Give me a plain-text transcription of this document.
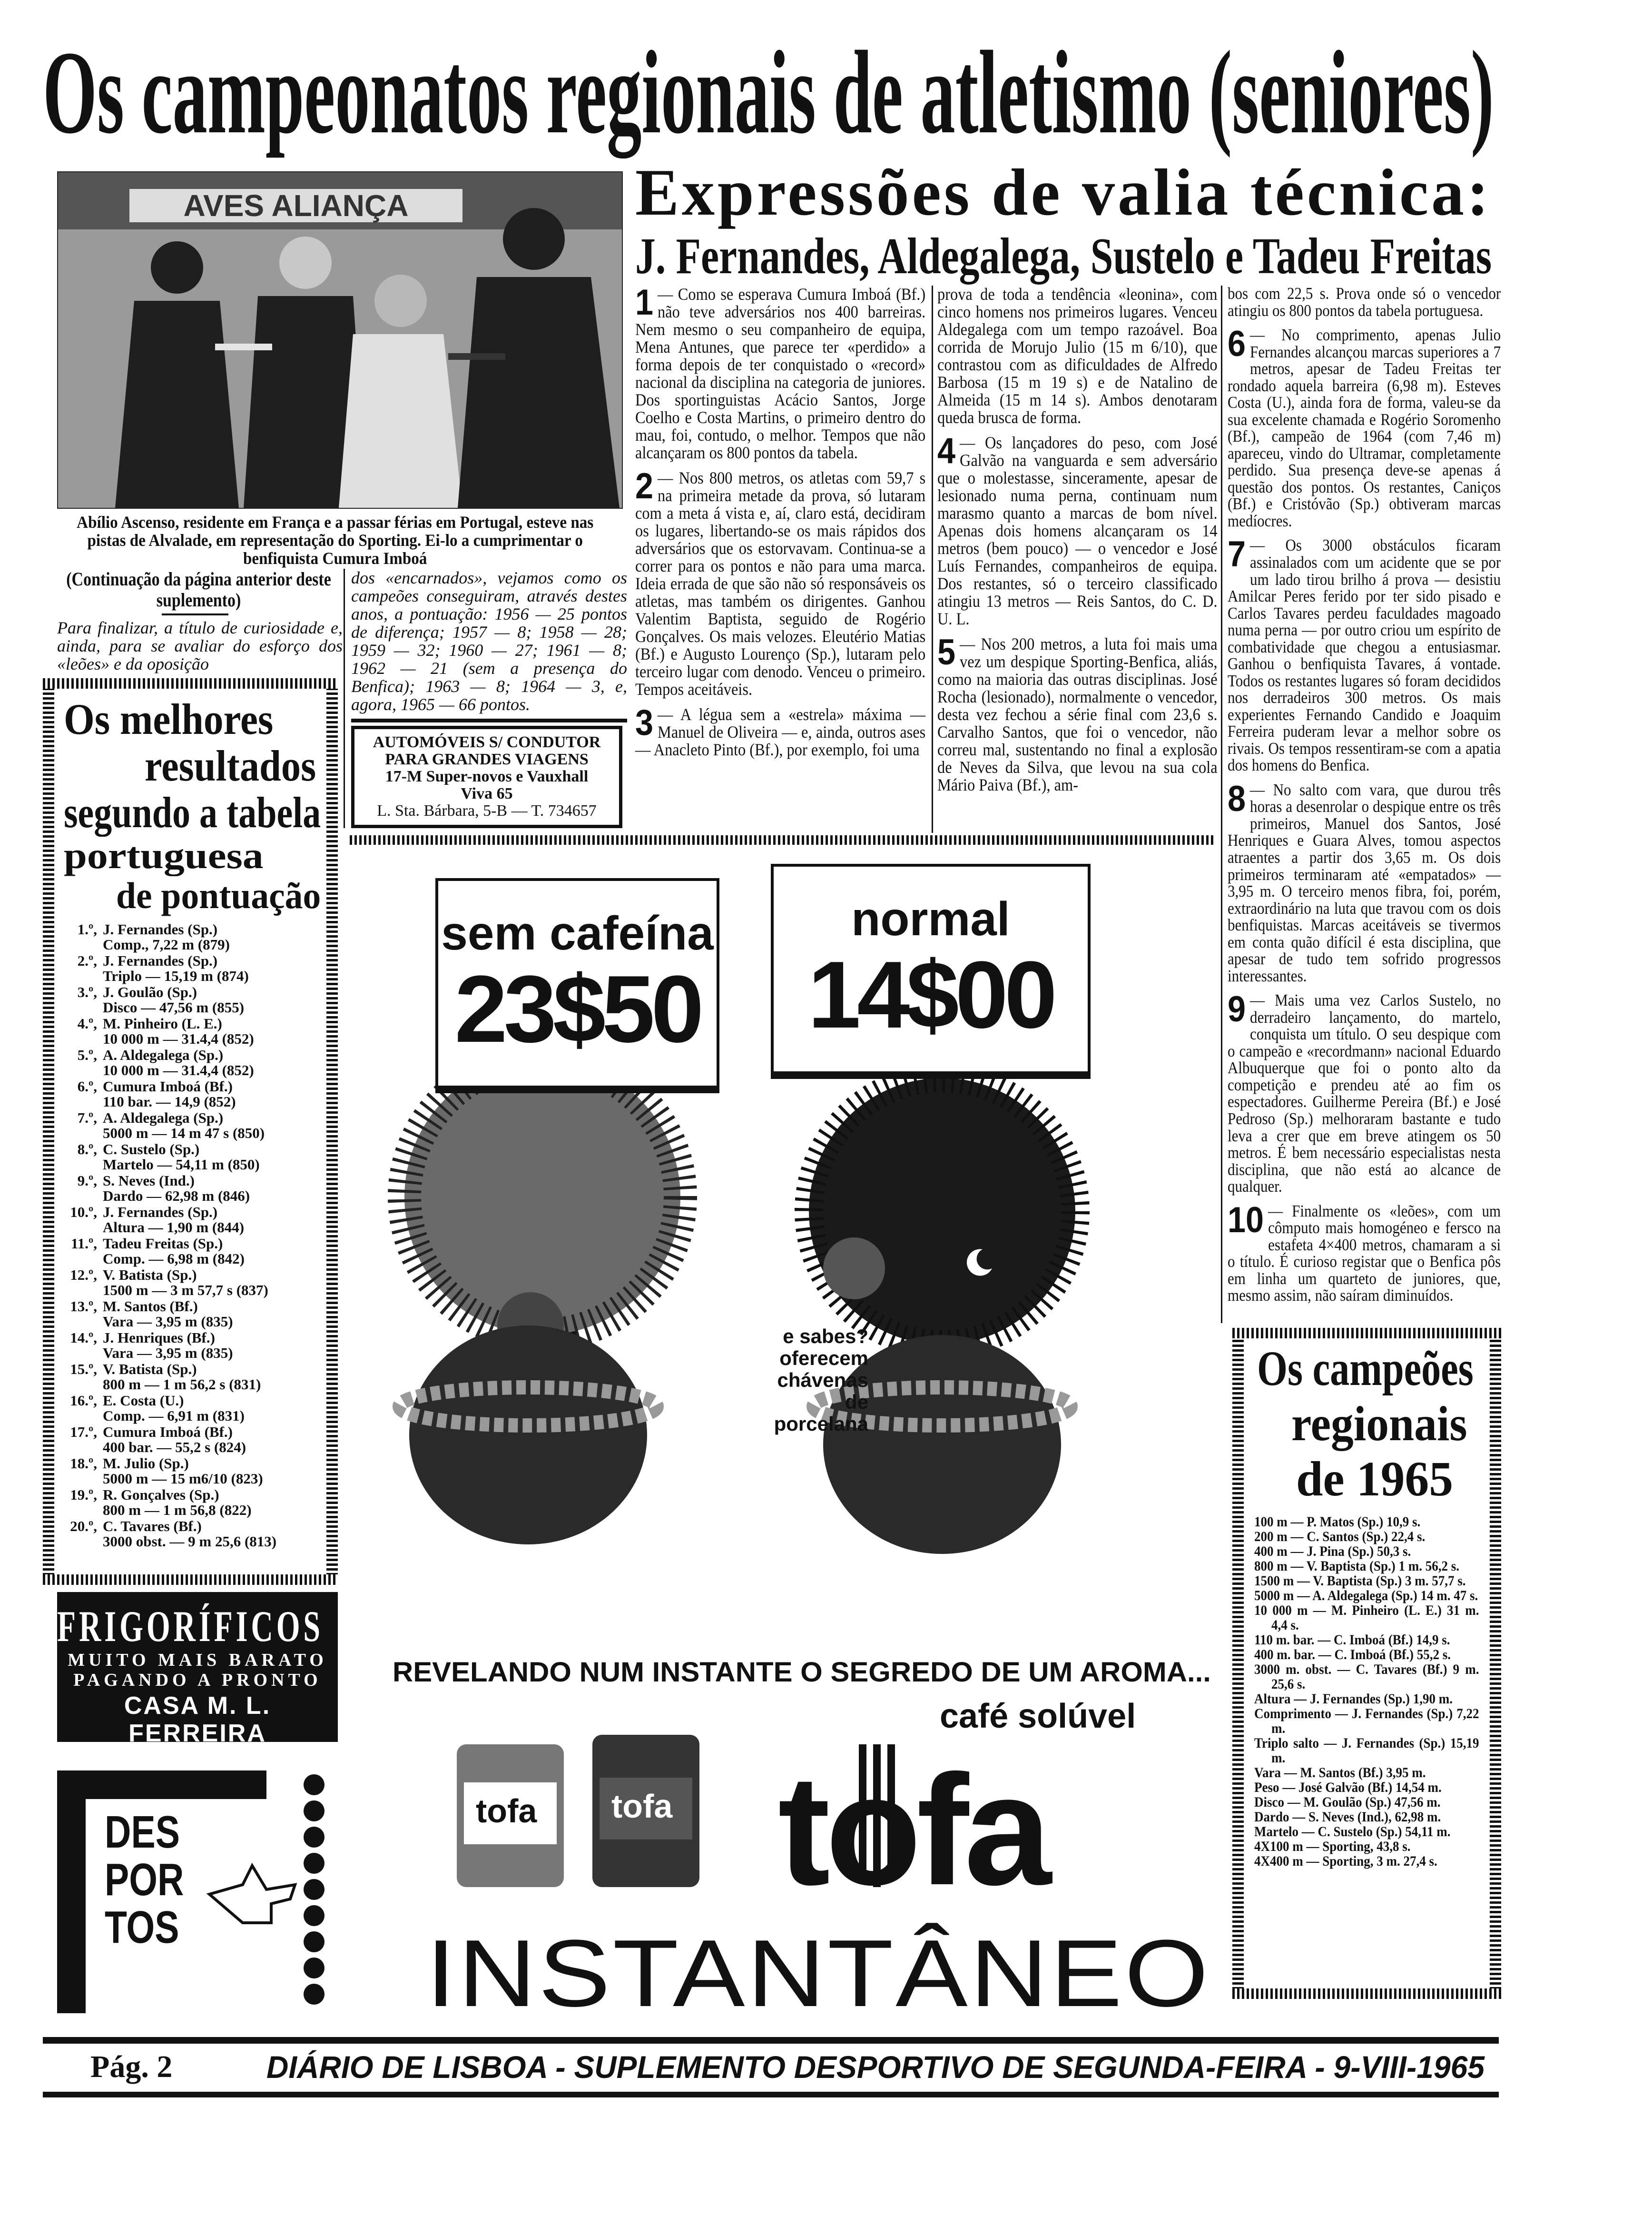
Os campeonatos regionais de atletismo (seniores)
AVES ALIANÇA
Abílio Ascenso, residente em França e a passar férias em Portugal, esteve nas pistas de Alvalade, em representação do Sporting. Ei-lo a cumprimentar o benfiquista Cumura Imboá
Expressões de valia técnica:
J. Fernandes, Aldegalega, Sustelo e Tadeu Freitas
(Continuação da página anterior deste suplemento)
Para finalizar, a título de curiosidade e, ainda, para se avaliar do esforço dos «leões» e da oposição
dos «encarnados», vejamos como os campeões conseguiram, através destes anos, a pontuação: 1956 — 25 pontos de diferença; 1957 — 8; 1958 — 28; 1959 — 32; 1960 — 27; 1961 — 8; 1962 — 21 (sem a presença do Benfica); 1963 — 8; 1964 — 3, e, agora, 1965 — 66 pontos.
AUTOMÓVEIS S/ CONDUTOR
PARA GRANDES VIAGENS
17-M Super-novos e Vauxhall
Viva 65
L. Sta. Bárbara, 5-B — T. 734657
Os melhores
resultados
segundo a tabela
portuguesa
de pontuação
1.º, J. Fernandes (Sp.)
Comp., 7,22 m (879)
2.º, J. Fernandes (Sp.)
Triplo — 15,19 m (874)
3.º, J. Goulão (Sp.)
Disco — 47,56 m (855)
4.º, M. Pinheiro (L. E.)
10 000 m — 31.4,4 (852)
5.º, A. Aldegalega (Sp.)
10 000 m — 31.4,4 (852)
6.º, Cumura Imboá (Bf.)
110 bar. — 14,9 (852)
7.º, A. Aldegalega (Sp.)
5000 m — 14 m 47 s (850)
8.º, C. Sustelo (Sp.)
Martelo — 54,11 m (850)
9.º, S. Neves (Ind.)
Dardo — 62,98 m (846)
10.º, J. Fernandes (Sp.)
Altura — 1,90 m (844)
11.º, Tadeu Freitas (Sp.)
Comp. — 6,98 m (842)
12.º, V. Batista (Sp.)
1500 m — 3 m 57,7 s (837)
13.º, M. Santos (Bf.)
Vara — 3,95 m (835)
14.º, J. Henriques (Bf.)
Vara — 3,95 m (835)
15.º, V. Batista (Sp.)
800 m — 1 m 56,2 s (831)
16.º, E. Costa (U.)
Comp. — 6,91 m (831)
17.º, Cumura Imboá (Bf.)
400 bar. — 55,2 s (824)
18.º, M. Julio (Sp.)
5000 m — 15 m6/10 (823)
19.º, R. Gonçalves (Sp.)
800 m — 1 m 56,8 (822)
20.º, C. Tavares (Bf.)
3000 obst. — 9 m 25,6 (813)

1 — Como se esperava Cumura Imboá (Bf.) não teve adversários nos 400 barreiras. Nem mesmo o seu companheiro de equipa, Mena Antunes, que parece ter «perdido» a forma depois de ter conquistado o «record» nacional da disciplina na categoria de juniores. Dos sportinguistas Acácio Santos, Jorge Coelho e Costa Martins, o primeiro dentro do mau, foi, contudo, o melhor. Tempos que não alcançaram os 800 pontos da tabela.

2 — Nos 800 metros, os atletas com 59,7 s na primeira metade da prova, só lutaram com a meta á vista e, aí, claro está, decidiram os lugares, libertando-se os mais rápidos dos adversários que os estorvavam. Continua-se a correr para os pontos e não para uma marca. Ideia errada de que são não só responsáveis os atletas, mas também os dirigentes. Ganhou Valentim Baptista, seguido de Rogério Gonçalves. Os mais velozes. Eleutério Matias (Bf.) e Augusto Lourenço (Sp.), lutaram pelo terceiro lugar com denodo. Venceu o primeiro. Tempos aceitáveis.

3 — A légua sem a «estrela» máxima — Manuel de Oliveira — e, ainda, outros ases — Anacleto Pinto (Bf.), por exemplo, foi uma

prova de toda a tendência «leonina», com cinco homens nos primeiros lugares. Venceu Aldegalega com um tempo razoável. Boa corrida de Morujo Julio (15 m 6/10), que contrastou com as dificuldades de Alfredo Barbosa (15 m 19 s) e de Natalino de Almeida (15 m 14 s). Ambos denotaram queda brusca de forma.

4 — Os lançadores do peso, com José Galvão na vanguarda e sem adversário que o molestasse, sinceramente, apesar de lesionado numa perna, continuam num marasmo quanto a marcas de bom nível. Apenas dois homens alcançaram os 14 metros (bem pouco) — o vencedor e José Luís Fernandes, companheiros de equipa. Dos restantes, só o terceiro classificado atingiu 13 metros — Reis Santos, do C. D. U. L.

5 — Nos 200 metros, a luta foi mais uma vez um despique Sporting-Benfica, aliás, como na maioria das outras disciplinas. José Rocha (lesionado), normalmente o vencedor, desta vez fechou a série final com 23,6 s. Carvalho Santos, que foi o vencedor, não correu mal, sustentando no final a explosão de Neves da Silva, que levou na sua cola Mário Paiva (Bf.), am-

bos com 22,5 s. Prova onde só o vencedor atingiu os 800 pontos da tabela portuguesa.

6 — No comprimento, apenas Julio Fernandes alcançou marcas superiores a 7 metros, apesar de Tadeu Freitas ter rondado aquela barreira (6,98 m). Esteves Costa (U.), ainda fora de forma, valeu-se da sua excelente chamada e Rogério Soromenho (Bf.), campeão de 1964 (com 7,46 m) apareceu, vindo do Ultramar, completamente perdido. Sua presença deve-se apenas á questão dos pontos. Os restantes, Caniços (Bf.) e Cristóvão (Sp.) obtiveram marcas medíocres.

7 — Os 3000 obstáculos ficaram assinalados com um acidente que se por um lado tirou brilho á prova — desistiu Amilcar Peres ferido por ter sido pisado e Carlos Tavares perdeu faculdades magoado numa perna — por outro criou um espírito de combatividade que chegou a entusiasmar. Ganhou o benfiquista Tavares, á vontade. Todos os restantes lugares só foram decididos nos derradeiros 300 metros. Os mais experientes Fernando Candido e Joaquim Ferreira puderam levar a melhor sobre os rivais. Os tempos ressentiram-se com a apatia dos homens do Benfica.

8 — No salto com vara, que durou três horas a desenrolar o despique entre os três primeiros, Manuel dos Santos, José Henriques e Guara Alves, tomou aspectos atraentes a partir dos 3,65 m. Os dois primeiros terminaram até «empatados» — 3,95 m. O terceiro menos fibra, foi, porém, extraordinário na luta que travou com os dois benfiquistas. Marcas aceitáveis se tivermos em conta quão difícil é esta disciplina, que apesar de tudo tem sofrido progressos interessantes.

9 — Mais uma vez Carlos Sustelo, no derradeiro lançamento, do martelo, conquista um título. O seu despique com o campeão e «recordmann» nacional Eduardo Albuquerque que foi o ponto alto da competição e prendeu até ao fim os espectadores. Guilherme Pereira (Bf.) e José Pedroso (Sp.) melhoraram bastante e tudo leva a crer que em breve atingem os 50 metros. É bem necessário especialistas nesta disciplina, que não está ao alcance de qualquer.

10 — Finalmente os «leões», com um cômputo mais homogéneo e fersco na estafeta 4×400 metros, chamaram a si o título. É curioso registar que o Benfica pôs em linha um quarteto de juniores, que, mesmo assim, não saíram diminuídos.

Os campeões
regionais
de 1965
100 m — P. Matos (Sp.) 10,9 s.
200 m — C. Santos (Sp.) 22,4 s.
400 m — J. Pina (Sp.) 50,3 s.
800 m — V. Baptista (Sp.) 1 m. 56,2 s.
1500 m — V. Baptista (Sp.) 3 m. 57,7 s.
5000 m — A. Aldegalega (Sp.) 14 m. 47 s.
10 000 m — M. Pinheiro (L. E.) 31 m. 4,4 s.
110 m. bar. — C. Imboá (Bf.) 14,9 s.
400 m. bar. — C. Imboá (Bf.) 55,2 s.
3000 m. obst. — C. Tavares (Bf.) 9 m. 25,6 s.
Altura — J. Fernandes (Sp.) 1,90 m.
Comprimento — J. Fernandes (Sp.) 7,22 m.
Triplo salto — J. Fernandes (Sp.) 15,19 m.
Vara — M. Santos (Bf.) 3,95 m.
Peso — José Galvão (Bf.) 14,54 m.
Disco — M. Goulão (Sp.) 47,56 m.
Dardo — S. Neves (Ind.), 62,98 m.
Martelo — C. Sustelo (Sp.) 54,11 m.
4X100 m — Sporting, 43,8 s.
4X400 m — Sporting, 3 m. 27,4 s.
sem cafeína
23$50
normal
14$00
e sabes?
oferecem
chávenas
de
porcelana
REVELANDO NUM INSTANTE O SEGREDO DE UM AROMA...
tofa tofa
café solúvel
tofa
INSTANTÂNEO
FRIGORÍFICOS
MUITO MAIS BARATO
PAGANDO A PRONTO
CASA M. L. FERREIRA
Rua D.ª Estefânia, 48-1.º andar
DES
POR
TOS
Pág. 2	DIÁRIO DE LISBOA - SUPLEMENTO DESPORTIVO DE SEGUNDA-FEIRA - 9-VIII-1965
